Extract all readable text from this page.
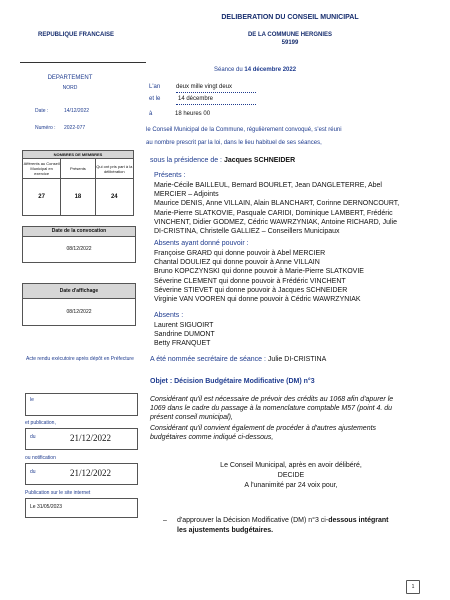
DELIBERATION DU CONSEIL MUNICIPAL
REPUBLIQUE FRANCAISE	DE LA COMMUNE HERGNIES
59199
Séance du 14 décembre 2022
DEPARTEMENT
NORD
Date :	14/12/2022
Numéro : 2022-077
L'an	deux mille vingt deux
et le	14 décembre
à	18 heures 00
le Conseil Municipal de la Commune, régulièrement convoqué, s'est réuni
au nombre prescrit par la loi, dans le lieu habituel de ses séances,
NOMBRES DE MEMBRES		
Afférents au Conseil Municipal en exercice	Présents	Qui ont pris part à la délibération
27	18	24
Date de la convocation
08/12/2022
Date d'affichage
08/12/2022
sous la présidence de : Jacques SCHNEIDER
Présents :
Marie-Cécile BAILLEUL, Bernard BOURLET, Jean DANGLETERRE, Abel
MERCIER – Adjoints
Maurice DENIS, Anne VILLAIN, Alain BLANCHART, Corinne DERNONCOURT,
Marie-Pierre SLATKOVIE, Pasquale CARIDI, Dominique LAMBERT, Frédéric
VINCHENT, Didier GODMEZ, Cédric WAWRZYNIAK, Antoine RICHARD, Julie
DI-CRISTINA, Christelle GALLIEZ – Conseillers Municipaux
Absents ayant donné pouvoir :
Françoise GRARD qui donne pouvoir à Abel MERCIER
Chantal DOULIEZ qui donne pouvoir à Anne VILLAIN
Bruno KOPCZYNSKI qui donne pouvoir à Marie-Pierre SLATKOVIE
Séverine CLEMENT qui donne pouvoir à Frédéric VINCHENT
Séverine STIEVET qui donne pouvoir à Jacques SCHNEIDER
Virginie VAN VOOREN qui donne pouvoir à Cédric WAWRZYNIAK
Absents :
Laurent SIGUOIRT
Sandrine DUMONT
Betty FRANQUET
Acte rendu exécutoire après dépôt en Préfecture	A été nommée secrétaire de séance : Julie DI-CRISTINA
Objet : Décision Budgétaire Modificative (DM) n°3
le
et publication,
du	21/12/2022
ou notification
du	21/12/2022
Publication sur le site internet
Le 31/05/2023
Considérant qu'il est nécessaire de prévoir des crédits au 1068 afin d'apurer le
1069 dans le cadre du passage à la nomenclature comptable M57 (point 4. du
présent conseil municipal),
Considérant qu'il convient également de procéder à d'autres ajustements
budgétaires comme indiqué ci-dessous,
Le Conseil Municipal, après en avoir délibéré,
DECIDE
A l'unanimité par 24 voix pour,
– d'approuver la Décision Modificative (DM) n°3 ci-dessous intégrant
les ajustements budgétaires.
1
